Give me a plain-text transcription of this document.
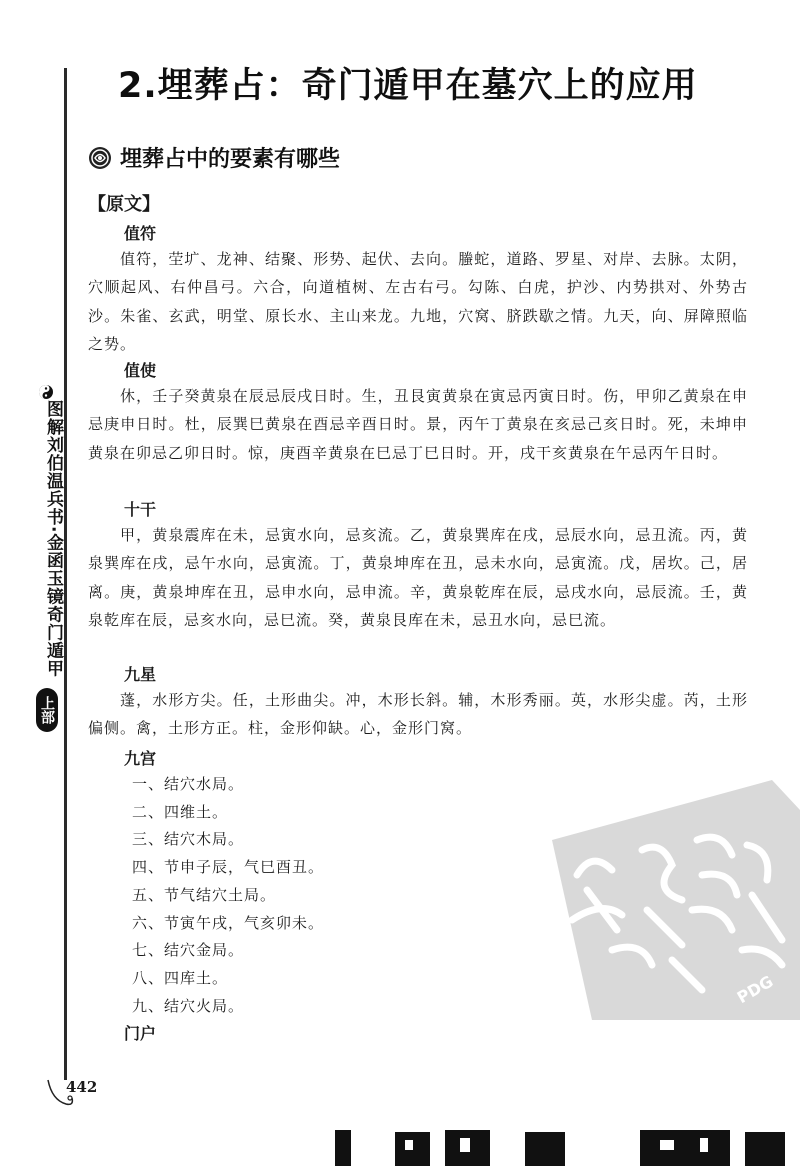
图解刘伯温兵书·金函玉镜奇门遁甲
上部
2.埋葬占：奇门遁甲在墓穴上的应用
埋葬占中的要素有哪些
【原文】
值符
值符，茔圹、龙神、结聚、形势、起伏、去向。螣蛇，道路、罗星、对岸、去脉。太阴，穴顺起风、右仲昌弓。六合，向道植树、左古右弓。勾陈、白虎，护沙、内势拱对、外势古沙。朱雀、玄武，明堂、原长水、主山来龙。九地，穴窝、脐跌歇之情。九天，向、屏障照临之势。
值使
休，壬子癸黄泉在辰忌辰戌日时。生，丑艮寅黄泉在寅忌丙寅日时。伤，甲卯乙黄泉在申忌庚申日时。杜，辰巽巳黄泉在酉忌辛酉日时。景，丙午丁黄泉在亥忌己亥日时。死，未坤申黄泉在卯忌乙卯日时。惊，庚酉辛黄泉在巳忌丁巳日时。开，戌干亥黄泉在午忌丙午日时。
十干
甲，黄泉震库在未，忌寅水向，忌亥流。乙，黄泉巽库在戌，忌辰水向，忌丑流。丙，黄泉巽库在戌，忌午水向，忌寅流。丁，黄泉坤库在丑，忌未水向，忌寅流。戊，居坎。己，居离。庚，黄泉坤库在丑，忌申水向，忌申流。辛，黄泉乾库在辰，忌戌水向，忌辰流。壬，黄泉乾库在辰，忌亥水向，忌巳流。癸，黄泉艮库在未，忌丑水向，忌巳流。
九星
蓬，水形方尖。任，土形曲尖。冲，木形长斜。辅，木形秀丽。英，水形尖虚。芮，土形偏侧。禽，土形方正。柱，金形仰缺。心，金形门窝。
九宫
一、结穴水局。
二、四维土。
三、结穴木局。
四、节申子辰，气巳酉丑。
五、节气结穴土局。
六、节寅午戌，气亥卯未。
七、结穴金局。
八、四库土。
九、结穴火局。
门户
PDG
442
